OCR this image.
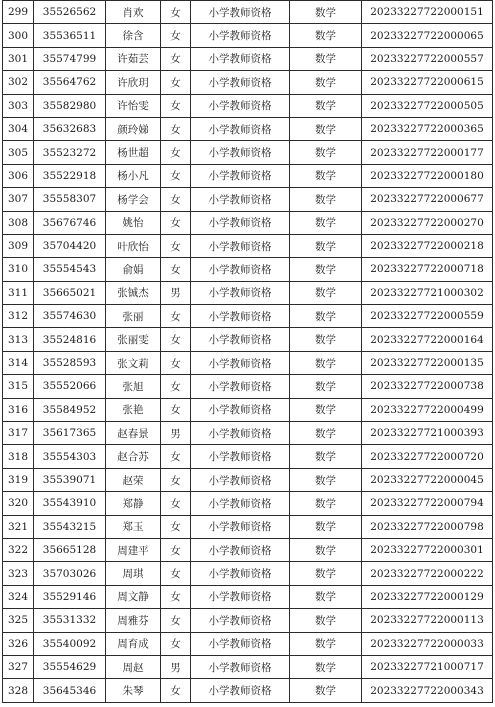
299	35526562	肖欢	女	小学教师资格	数学	20233227722000151
300	35536511	徐含	女	小学教师资格	数学	20233227722000065
301	35574799	许茹芸	女	小学教师资格	数学	20233227722000557
302	35564762	许欣玥	女	小学教师资格	数学	20233227722000615
303	35582980	许怡雯	女	小学教师资格	数学	20233227722000505
304	35632683	颜玲娣	女	小学教师资格	数学	20233227722000365
305	35523272	杨世超	女	小学教师资格	数学	20233227722000177
306	35522918	杨小凡	女	小学教师资格	数学	20233227722000180
307	35558307	杨学会	女	小学教师资格	数学	20233227722000677
308	35676746	姚怡	女	小学教师资格	数学	20233227722000270
309	35704420	叶欣怡	女	小学教师资格	数学	20233227722000218
310	35554543	俞娟	女	小学教师资格	数学	20233227722000718
311	35665021	张铖杰	男	小学教师资格	数学	20233227721000302
312	35574630	张丽	女	小学教师资格	数学	20233227722000559
313	35524816	张丽雯	女	小学教师资格	数学	20233227722000164
314	35528593	张文莉	女	小学教师资格	数学	20233227722000135
315	35552066	张旭	女	小学教师资格	数学	20233227722000738
316	35584952	张艳	女	小学教师资格	数学	20233227722000499
317	35617365	赵春景	男	小学教师资格	数学	20233227721000393
318	35554303	赵合苏	女	小学教师资格	数学	20233227722000720
319	35539071	赵荣	女	小学教师资格	数学	20233227722000045
320	35543910	郑静	女	小学教师资格	数学	20233227722000794
321	35543215	郑玉	女	小学教师资格	数学	20233227722000798
322	35665128	周建平	女	小学教师资格	数学	20233227722000301
323	35703026	周琪	女	小学教师资格	数学	20233227722000222
324	35529146	周文静	女	小学教师资格	数学	20233227722000129
325	35531332	周雅芬	女	小学教师资格	数学	20233227722000113
326	35540092	周育成	女	小学教师资格	数学	20233227722000033
327	35554629	周赵	男	小学教师资格	数学	20233227721000717
328	35645346	朱琴	女	小学教师资格	数学	20233227722000343
